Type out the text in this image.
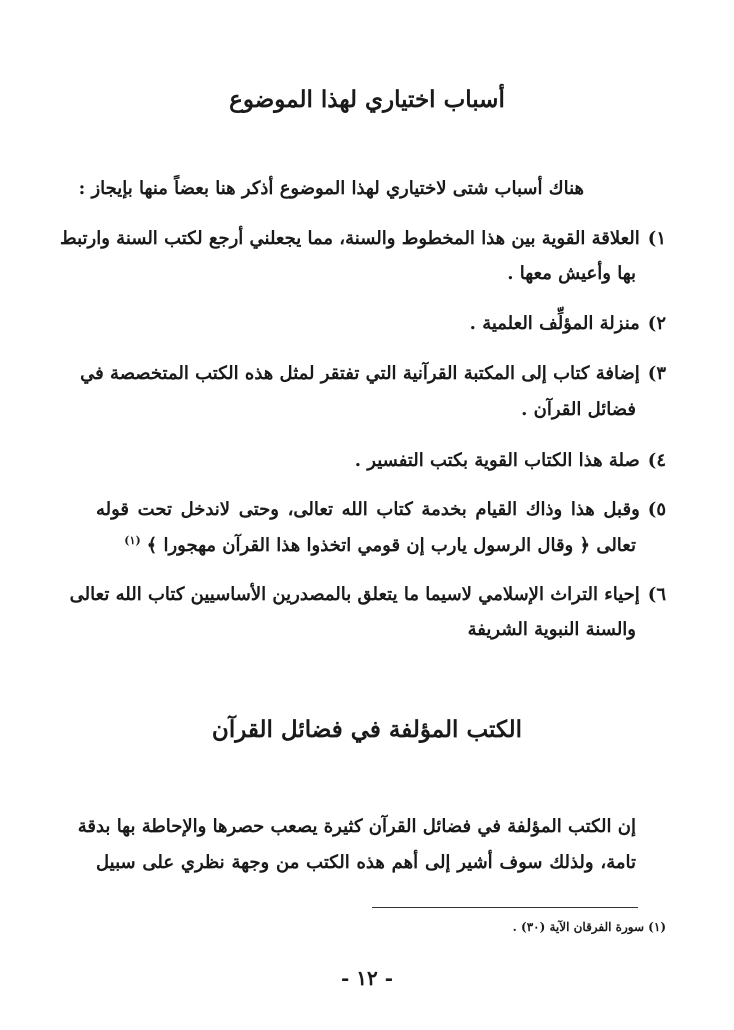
أسباب اختياري لهذا الموضوع
هناك أسباب شتى لاختياري لهذا الموضوع أذكر هنا بعضاً منها بإيجاز :
١)العلاقة القوية بين هذا المخطوط والسنة، مما يجعلني أرجع لكتب السنة وارتبط
بها وأعيش معها .
٢)منزلة المؤلِّف العلمية .
٣)إضافة كتاب إلى المكتبة القرآنية التي تفتقر لمثل هذه الكتب المتخصصة في
فضائل القرآن .
٤)صلة هذا الكتاب القوية بكتب التفسير .
٥)وقبل هذا وذاك القيام بخدمة كتاب الله تعالى، وحتى لاندخل تحت قوله
تعالى ﴿ وقال الرسول يارب إن قومي اتخذوا هذا القرآن مهجورا ﴾$^{(١)}$
٦)إحياء التراث الإسلامي لاسيما ما يتعلق بالمصدرين الأساسيين كتاب الله تعالى
والسنة النبوية الشريفة
الكتب المؤلفة في فضائل القرآن
إن الكتب المؤلفة في فضائل القرآن كثيرة يصعب حصرها والإحاطة بها بدقة
تامة، ولذلك سوف أشير إلى أهم هذه الكتب من وجهة نظري على سبيل
(١) سورة الفرقان الآية (٣٠) .
- ١٢ -
